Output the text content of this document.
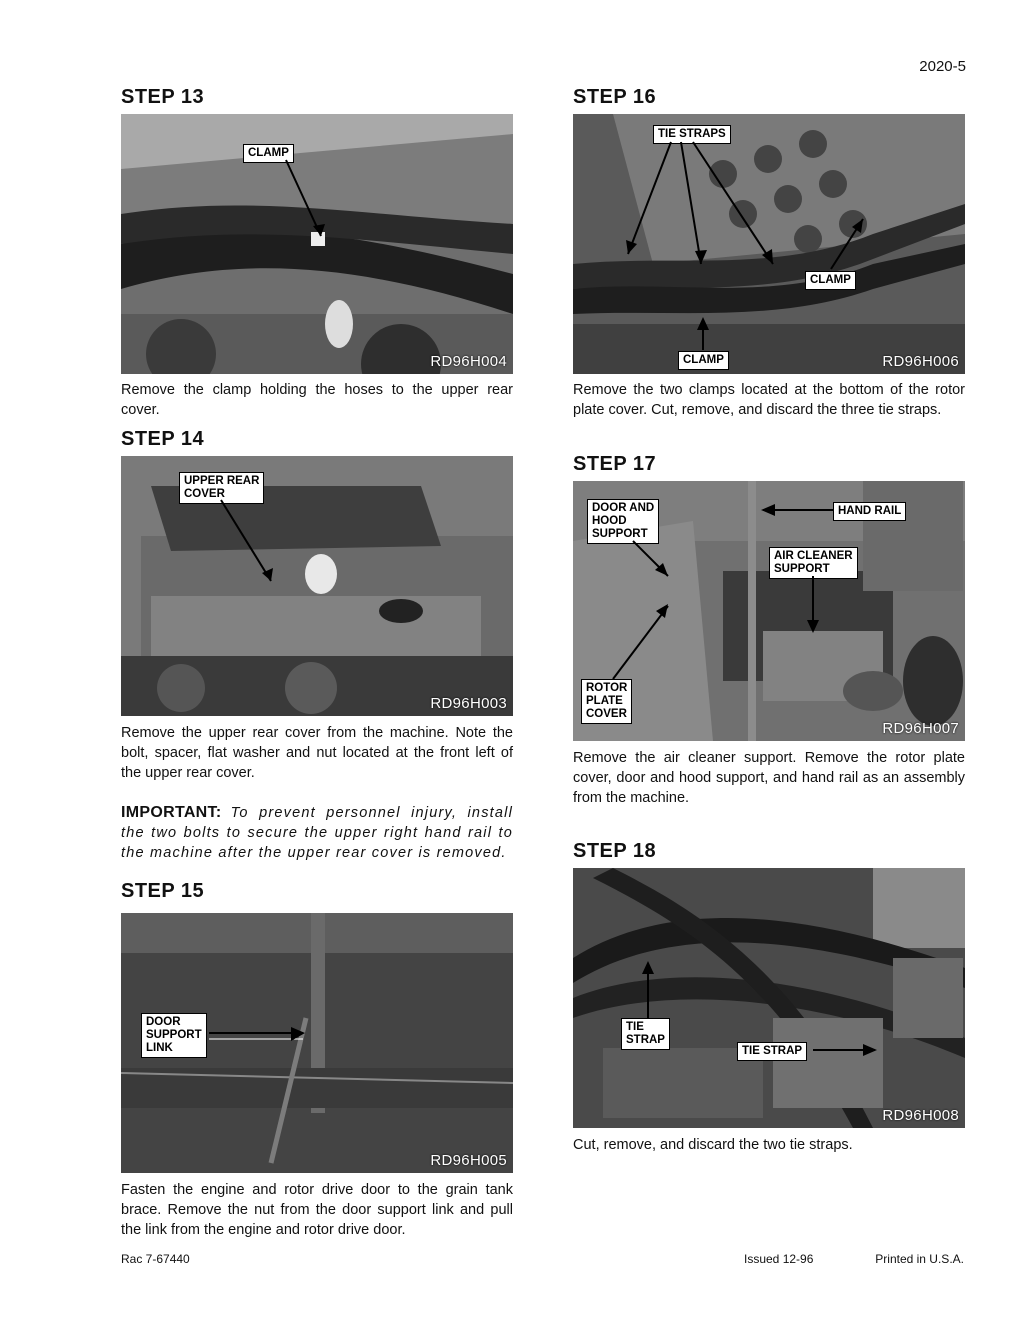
2020-5
STEP 13
CLAMP
RD96H004
Remove the clamp holding the hoses to the upper rear cover.
STEP 14
UPPER REAR
COVER
RD96H003
Remove the upper rear cover from the machine. Note the bolt, spacer, flat washer and nut located at the front left of the upper rear cover.
IMPORTANT: To prevent personnel injury, install the two bolts to secure the upper right hand rail to the machine after the upper rear cover is removed.
STEP 15
DOOR
SUPPORT
LINK
RD96H005
Fasten the engine and rotor drive door to the grain tank brace. Remove the nut from the door support link and pull the link from the engine and rotor drive door.
STEP 16
TIE STRAPS
CLAMP
CLAMP	RD96H006
Remove the two clamps located at the bottom of the rotor plate cover. Cut, remove, and discard the three tie straps.
STEP 17
DOOR AND
HOOD
SUPPORT
HAND RAIL
AIR CLEANER
SUPPORT
ROTOR
PLATE
COVER
RD96H007
Remove the air cleaner support. Remove the rotor plate cover, door and hood support, and hand rail as an assembly from the machine.
STEP 18
TIE
STRAP
TIE STRAP
RD96H008
Cut, remove, and discard the two tie straps.
Rac 7-67440	Issued 12-96	Printed in U.S.A.
